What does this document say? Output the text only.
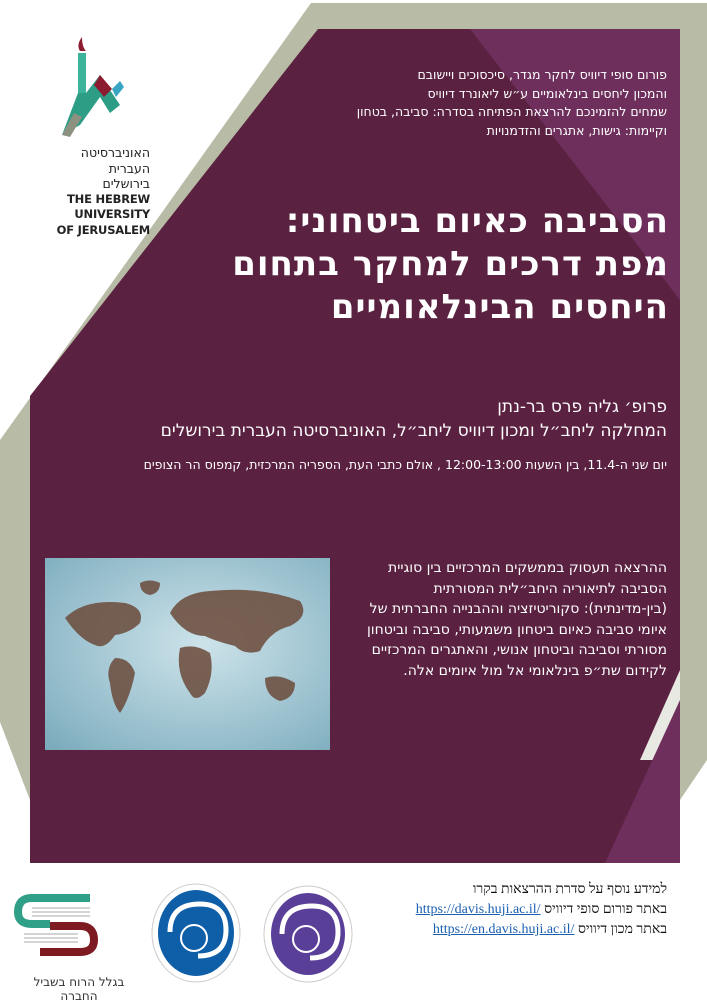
האוניברסיטה
העברית
בירושלים
THE HEBREW
UNIVERSITY
OF JERUSALEM
פורום סופי דיוויס לחקר מגדר, סיכסוכים ויישובם
והמכון ליחסים בינלאומיים ע״ש ליאונרד דיוויס
שמחים להזמינכם להרצאת הפתיחה בסדרה: סביבה, בטחון
וקיימות: גישות, אתגרים והזדמנויות
הסביבה כאיום ביטחוני:
מפת דרכים למחקר בתחום
היחסים הבינלאומיים
פרופ׳ גליה פרס בר-נתן
המחלקה ליחב״ל ומכון דיוויס ליחב״ל, האוניברסיטה העברית בירושלים
יום שני ה-11.4, בין השעות 12:00-13:00 , אולם כתבי העת, הספריה המרכזית, קמפוס הר הצופים
ההרצאה תעסוק בממשקים המרכזיים בין סוגיית הסביבה לתיאוריה היחב״לית המסורתית (בין-מדינתית): סקוריטיזציה וההבנייה החברתית של איומי סביבה כאיום ביטחון משמעותי, סביבה וביטחון מסורתי וסביבה וביטחון אנושי, והאתגרים המרכזיים לקידום שת״פ בינלאומי אל מול איומים אלה.
בגלל הרוח בשביל החברה
למידע נוסף על סדרת ההרצאות בקרו
באתר פורום סופי דיוויס https://davis.huji.ac.il/
באתר מכון דיוויס https://en.davis.huji.ac.il/
